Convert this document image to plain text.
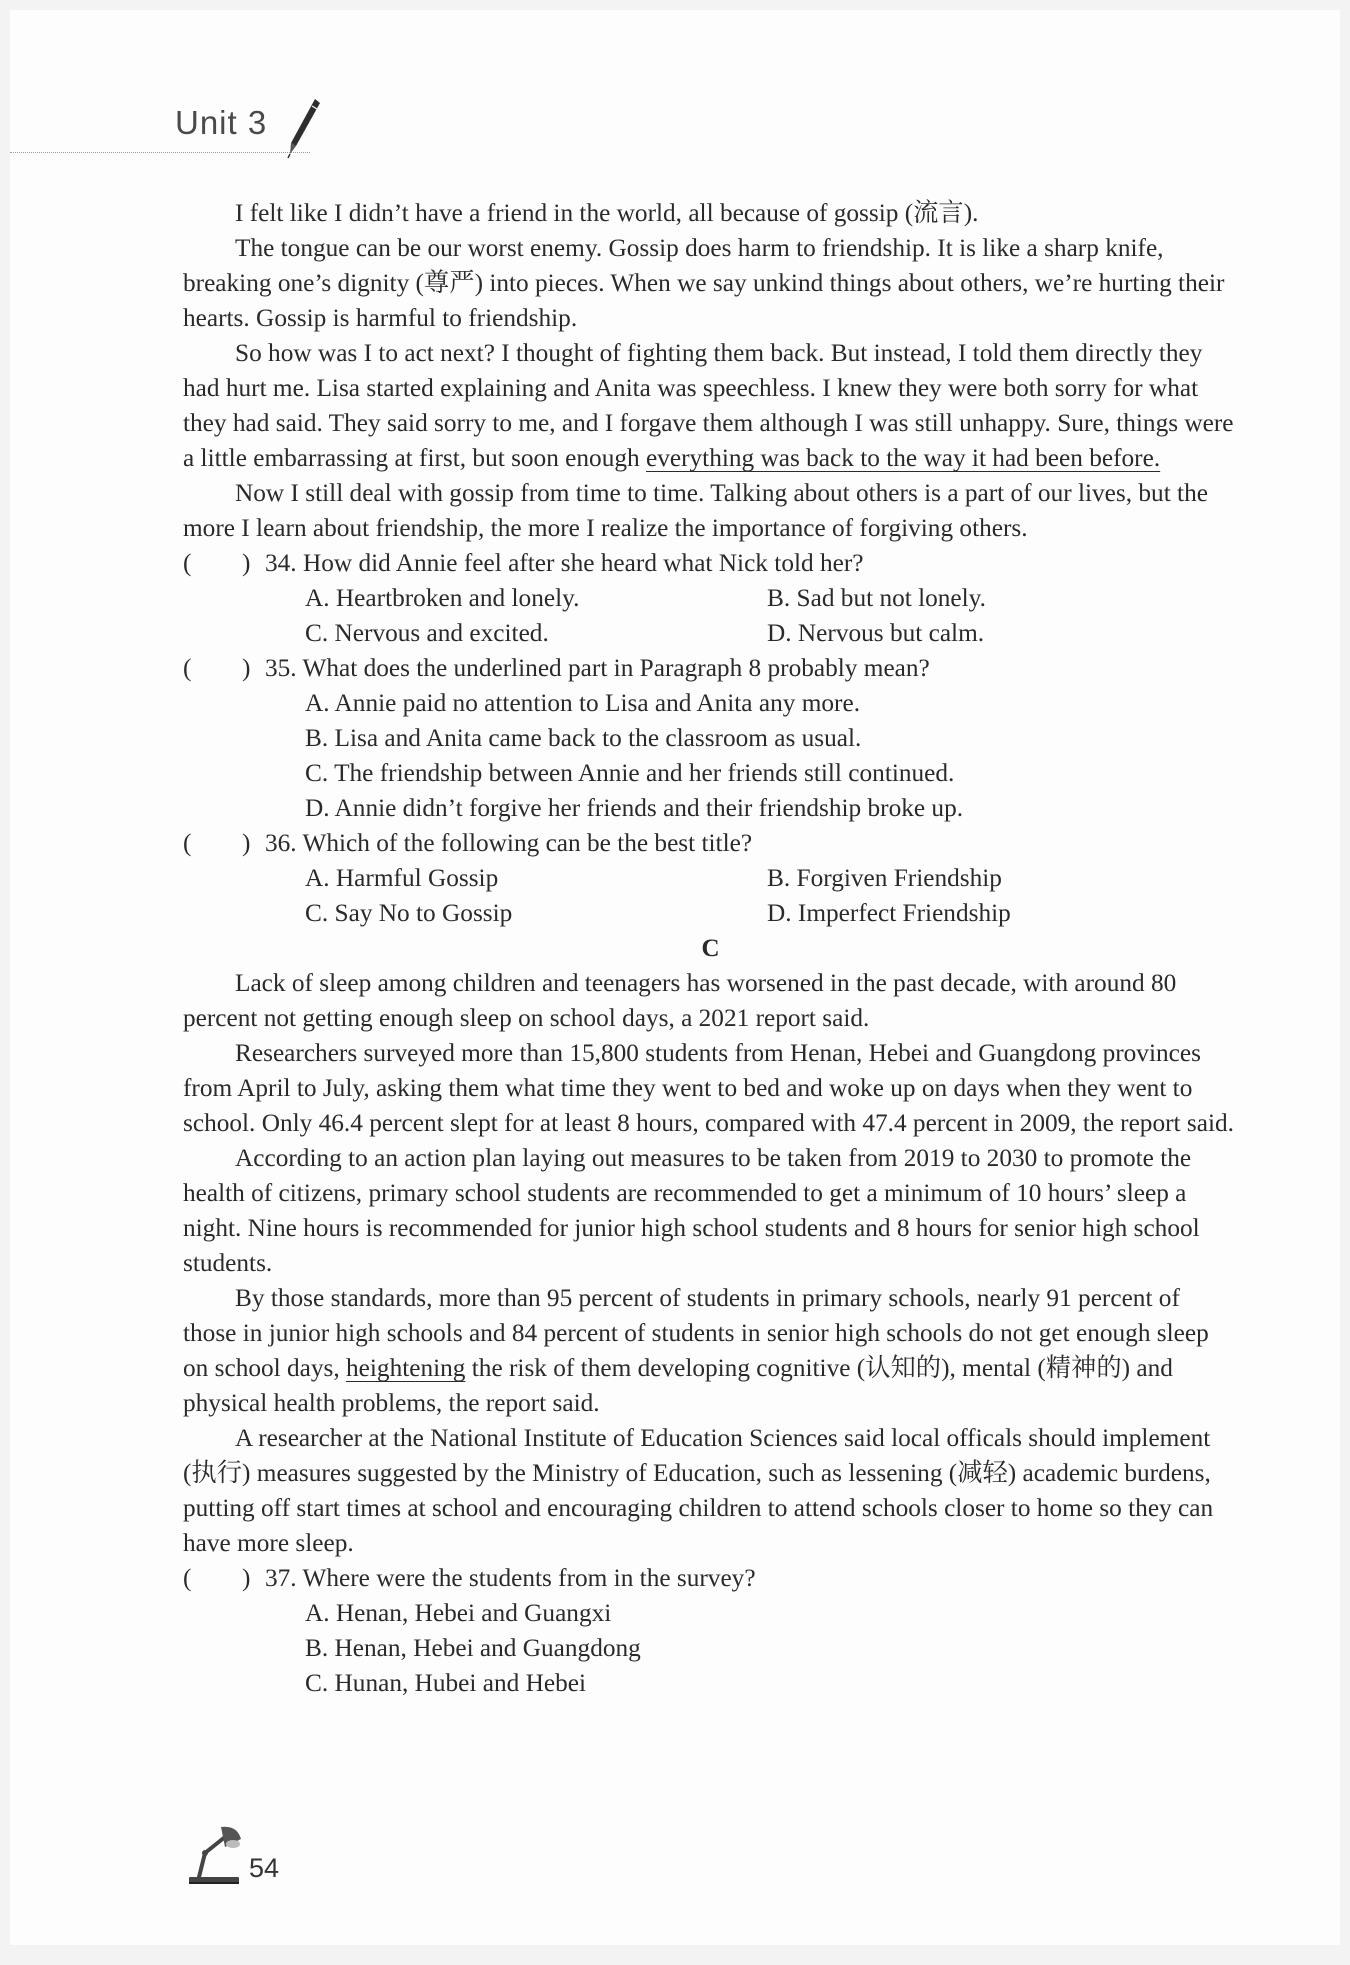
Unit 3

I felt like I didn’t have a friend in the world, all because of gossip (流言).

The tongue can be our worst enemy. Gossip does harm to friendship. It is like a sharp knife, breaking one’s dignity (尊严) into pieces. When we say unkind things about others, we’re hurting their hearts. Gossip is harmful to friendship.

So how was I to act next? I thought of fighting them back. But instead, I told them directly they had hurt me. Lisa started explaining and Anita was speechless. I knew they were both sorry for what they had said. They said sorry to me, and I forgave them although I was still unhappy. Sure, things were a little embarrassing at first, but soon enough everything was back to the way it had been before.

Now I still deal with gossip from time to time. Talking about others is a part of our lives, but the more I learn about friendship, the more I realize the importance of forgiving others.

(        ) 34. How did Annie feel after she heard what Nick told her?

A. Heartbroken and lonely.	B. Sad but not lonely.

C. Nervous and excited.	D. Nervous but calm.

(        ) 35. What does the underlined part in Paragraph 8 probably mean?

A. Annie paid no attention to Lisa and Anita any more.

B. Lisa and Anita came back to the classroom as usual.

C. The friendship between Annie and her friends still continued.

D. Annie didn’t forgive her friends and their friendship broke up.

(        ) 36. Which of the following can be the best title?

A. Harmful Gossip	B. Forgiven Friendship

C. Say No to Gossip	D. Imperfect Friendship

C

Lack of sleep among children and teenagers has worsened in the past decade, with around 80 percent not getting enough sleep on school days, a 2021 report said.

Researchers surveyed more than 15,800 students from Henan, Hebei and Guangdong provinces from April to July, asking them what time they went to bed and woke up on days when they went to school. Only 46.4 percent slept for at least 8 hours, compared with 47.4 percent in 2009, the report said.

According to an action plan laying out measures to be taken from 2019 to 2030 to promote the health of citizens, primary school students are recommended to get a minimum of 10 hours’ sleep a night. Nine hours is recommended for junior high school students and 8 hours for senior high school students.

By those standards, more than 95 percent of students in primary schools, nearly 91 percent of those in junior high schools and 84 percent of students in senior high schools do not get enough sleep on school days, heightening the risk of them developing cognitive (认知的), mental (精神的) and physical health problems, the report said.

A researcher at the National Institute of Education Sciences said local officals should implement (执行) measures suggested by the Ministry of Education, such as lessening (减轻) academic burdens, putting off start times at school and encouraging children to attend schools closer to home so they can have more sleep.

(        ) 37. Where were the students from in the survey?

A. Henan, Hebei and Guangxi

B. Henan, Hebei and Guangdong

C. Hunan, Hubei and Hebei

54
